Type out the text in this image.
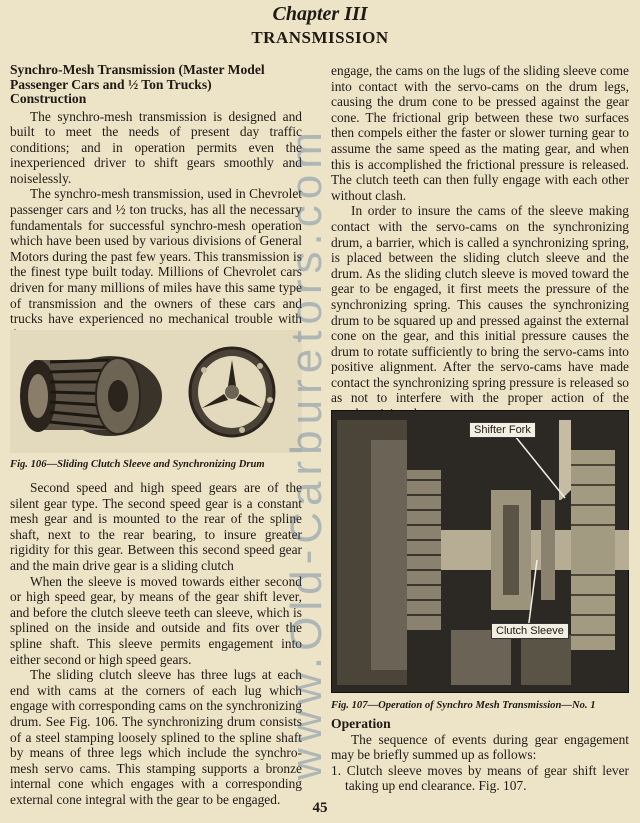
Chapter III
TRANSMISSION
Synchro-Mesh Transmission (Master Model
Passenger Cars and ½ Ton Trucks)
Construction

The synchro-mesh transmission is designed and built to meet the needs of present day traffic conditions; and in operation permits even the inexperienced driver to shift gears smoothly and noiselessly.

The synchro-mesh transmission, used in Chevrolet passenger cars and ½ ton trucks, has all the necessary fundamentals for successful synchro-mesh operation which have been used by various divisions of General Motors during the past few years. This transmission is the finest type built today. Millions of Chevrolet cars driven for many millions of miles have this same type of transmission and the owners of these cars and trucks have experienced no mechanical trouble with

Fig. 106—Sliding Clutch Sleeve and Synchronizing Drum

Second speed and high speed gears are of the silent gear type. The second speed gear is a constant mesh gear and is mounted to the rear of the spline shaft, next to the rear bearing, to insure greater rigidity for this gear. Between this second speed gear and the main drive gear is a sliding clutch

When the sleeve is moved towards either second or high speed gear, by means of the gear shift lever, and before the clutch sleeve teeth can sleeve, which is splined on the inside and outside and fits over the spline shaft. This sleeve permits engagement into either second or high speed gears.

The sliding clutch sleeve has three lugs at each end with cams at the corners of each lug which engage with corresponding cams on the synchronizing drum. See Fig. 106. The synchronizing drum consists of a steel stamping loosely splined to the spline shaft by means of three legs which include the synchro-mesh servo cams. This stamping supports a bronze internal cone which engages with a corresponding external cone integral with the gear to be engaged.

engage, the cams on the lugs of the sliding sleeve come into contact with the servo-cams on the drum legs, causing the drum cone to be pressed against the gear cone. The frictional grip between these two surfaces then compels either the faster or slower turning gear to assume the same speed as the mating gear, and when this is accomplished the frictional pressure is released. The clutch teeth can then fully engage with each other without clash.

In order to insure the cams of the sleeve making contact with the servo-cams on the synchronizing drum, a barrier, which is called a synchronizing spring, is placed between the sliding clutch sleeve and the drum. As the sliding clutch sleeve is moved toward the gear to be engaged, it first meets the pressure of the synchronizing spring. This causes the synchronizing drum to be squared up and pressed against the external cone on the gear, and this initial pressure causes the drum to rotate sufficiently to bring the servo-cams into positive alignment. After the servo-cams have made contact the synchronizing spring pressure is released so as not to interfere with the proper action of the

Shifter Fork
Clutch Sleeve
Fig. 107—Operation of Synchro Mesh Transmission—No. 1
Operation

The sequence of events during gear engagement may be briefly summed up as follows:

1. Clutch sleeve moves by means of gear shift lever taking up end clearance. Fig. 107.

www.Old-Carburetors.com
45
